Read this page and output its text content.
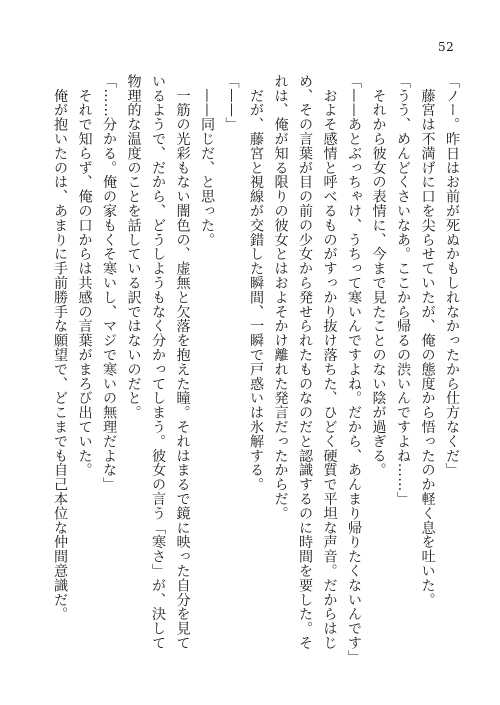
52
「ノー。昨日はお前が死ぬかもしれなかったから仕方なくだ」
　藤宮は不満げに口を尖らせていたが、俺の態度から悟ったのか軽く息を吐いた。
「うう、めんどくさいなあ。ここから帰るの渋いんですよね……」
　それから彼女の表情に、今まで見たことのない陰が過ぎる。
「——あとぶっちゃけ、うちって寒いんですよね。だから、あんまり帰りたくないんです」
　およそ感情と呼べるものがすっかり抜け落ちた、ひどく硬質で平坦な声音。だからはじ
め、その言葉が目の前の少女から発せられたものなのだと認識するのに時間を要した。そ
れは、俺が知る限りの彼女とはおよそかけ離れた発言だったからだ。
　だが、藤宮と視線が交錯した瞬間、一瞬で戸惑いは氷解する。
「——」
　——同じだ、と思った。
　一筋の光彩もない闇色の、虚無と欠落を抱えた瞳。それはまるで鏡に映った自分を見て
いるようで、だから、どうしようもなく分かってしまう。彼女の言う「寒さ」が、決して
物理的な温度のことを話している訳ではないのだと。
「……分かる。俺の家もくそ寒いし、マジで寒いの無理だよな」
　それで知らず、俺の口からは共感の言葉がまろび出ていた。
　俺が抱いたのは、あまりに手前勝手な願望で、どこまでも自己本位な仲間意識だ。
